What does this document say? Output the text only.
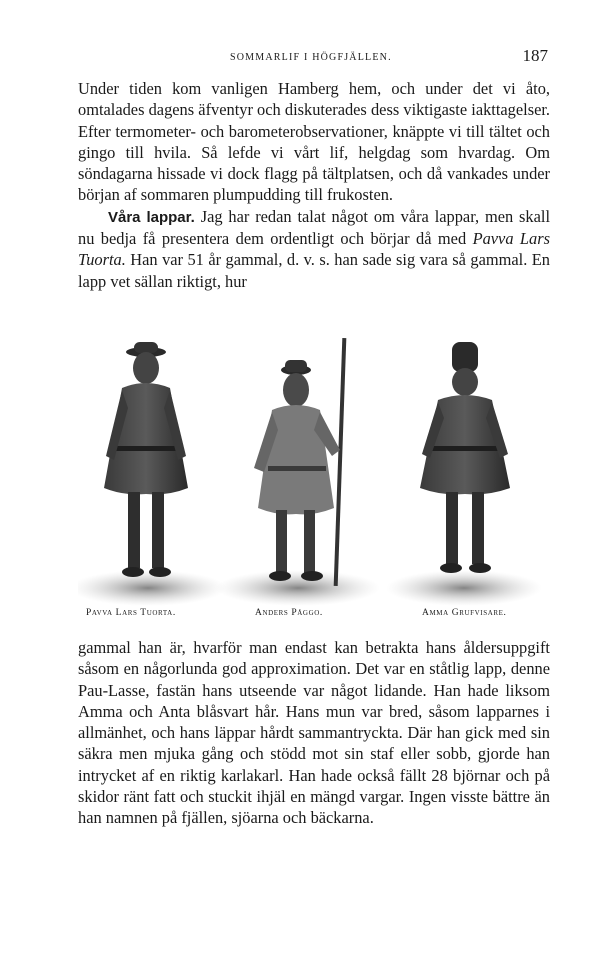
SOMMARLIF I HÖGFJÄLLEN.	187

Under tiden kom vanligen Hamberg hem, och under det vi åto, omtalades dagens äfventyr och diskuterades dess viktigaste iakttagelser. Efter termometer- och barometerobservationer, knäppte vi till tältet och gingo till hvila. Så lefde vi vårt lif, helgdag som hvardag. Om söndagarna hissade vi dock flagg på tältplatsen, och då vankades under början af sommaren plumpudding till frukosten.

Våra lappar. Jag har redan talat något om våra lappar, men skall nu bedja få presentera dem ordentligt och börjar då med Pavva Lars Tuorta. Han var 51 år gammal, d. v. s. han sade sig vara så gammal. En lapp vet sällan riktigt, hur

Pavva Lars Tuorta.	Anders Påggo.	Amma Grufvisare.

gammal han är, hvarför man endast kan betrakta hans åldersuppgift såsom en någorlunda god approximation. Det var en ståtlig lapp, denne Pau-Lasse, fastän hans utseende var något lidande. Han hade liksom Amma och Anta blåsvart hår. Hans mun var bred, såsom lapparnes i allmänhet, och hans läppar hårdt sammantryckta. Där han gick med sin säkra men mjuka gång och stödd mot sin staf eller sobb, gjorde han intrycket af en riktig karlakarl. Han hade också fällt 28 björnar och på skidor ränt fatt och stuckit ihjäl en mängd vargar. Ingen visste bättre än han namnen på fjällen, sjöarna och bäckarna.
